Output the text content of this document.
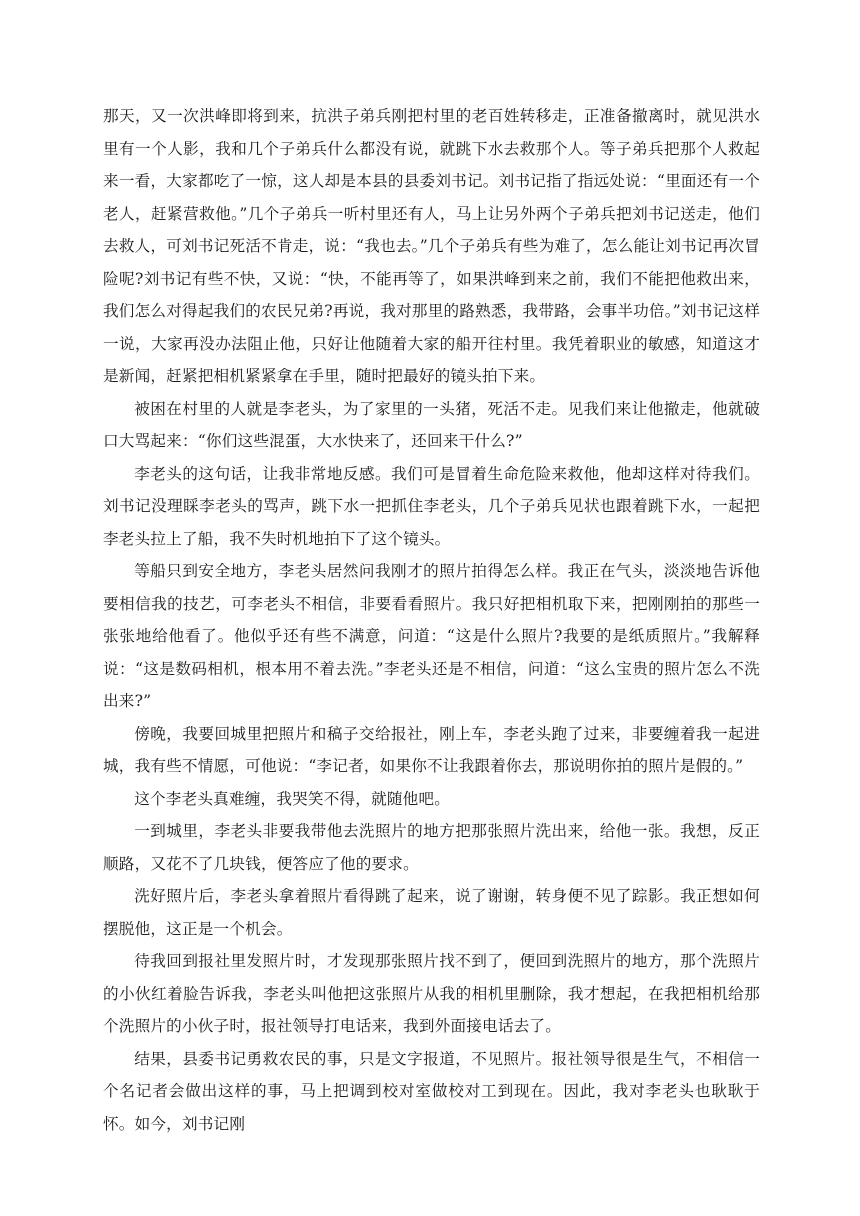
那天，又一次洪峰即将到来，抗洪子弟兵刚把村里的老百姓转移走，正准备撤离时，就见洪水里有一个人影，我和几个子弟兵什么都没有说，就跳下水去救那个人。等子弟兵把那个人救起来一看，大家都吃了一惊，这人却是本县的县委刘书记。刘书记指了指远处说：“里面还有一个老人，赶紧营救他。”几个子弟兵一听村里还有人，马上让另外两个子弟兵把刘书记送走，他们去救人，可刘书记死活不肯走，说：“我也去。”几个子弟兵有些为难了，怎么能让刘书记再次冒险呢?刘书记有些不快，又说：“快，不能再等了，如果洪峰到来之前，我们不能把他救出来，我们怎么对得起我们的农民兄弟?再说，我对那里的路熟悉，我带路，会事半功倍。”刘书记这样一说，大家再没办法阻止他，只好让他随着大家的船开往村里。我凭着职业的敏感，知道这才是新闻，赶紧把相机紧紧拿在手里，随时把最好的镜头拍下来。

被困在村里的人就是李老头，为了家里的一头猪，死活不走。见我们来让他撤走，他就破口大骂起来：“你们这些混蛋，大水快来了，还回来干什么?”

李老头的这句话，让我非常地反感。我们可是冒着生命危险来救他，他却这样对待我们。刘书记没理睬李老头的骂声，跳下水一把抓住李老头，几个子弟兵见状也跟着跳下水，一起把李老头拉上了船，我不失时机地拍下了这个镜头。

等船只到安全地方，李老头居然问我刚才的照片拍得怎么样。我正在气头，淡淡地告诉他要相信我的技艺，可李老头不相信，非要看看照片。我只好把相机取下来，把刚刚拍的那些一张张地给他看了。他似乎还有些不满意，问道：“这是什么照片?我要的是纸质照片。”我解释说：“这是数码相机，根本用不着去洗。”李老头还是不相信，问道：“这么宝贵的照片怎么不洗出来?”

傍晚，我要回城里把照片和稿子交给报社，刚上车，李老头跑了过来，非要缠着我一起进城，我有些不情愿，可他说：“李记者，如果你不让我跟着你去，那说明你拍的照片是假的。”

这个李老头真难缠，我哭笑不得，就随他吧。

一到城里，李老头非要我带他去洗照片的地方把那张照片洗出来，给他一张。我想，反正顺路，又花不了几块钱，便答应了他的要求。

洗好照片后，李老头拿着照片看得跳了起来，说了谢谢，转身便不见了踪影。我正想如何摆脱他，这正是一个机会。

待我回到报社里发照片时，才发现那张照片找不到了，便回到洗照片的地方，那个洗照片的小伙红着脸告诉我，李老头叫他把这张照片从我的相机里删除，我才想起，在我把相机给那个洗照片的小伙子时，报社领导打电话来，我到外面接电话去了。

结果，县委书记勇救农民的事，只是文字报道，不见照片。报社领导很是生气，不相信一个名记者会做出这样的事，马上把调到校对室做校对工到现在。因此，我对李老头也耿耿于怀。如今，刘书记刚
